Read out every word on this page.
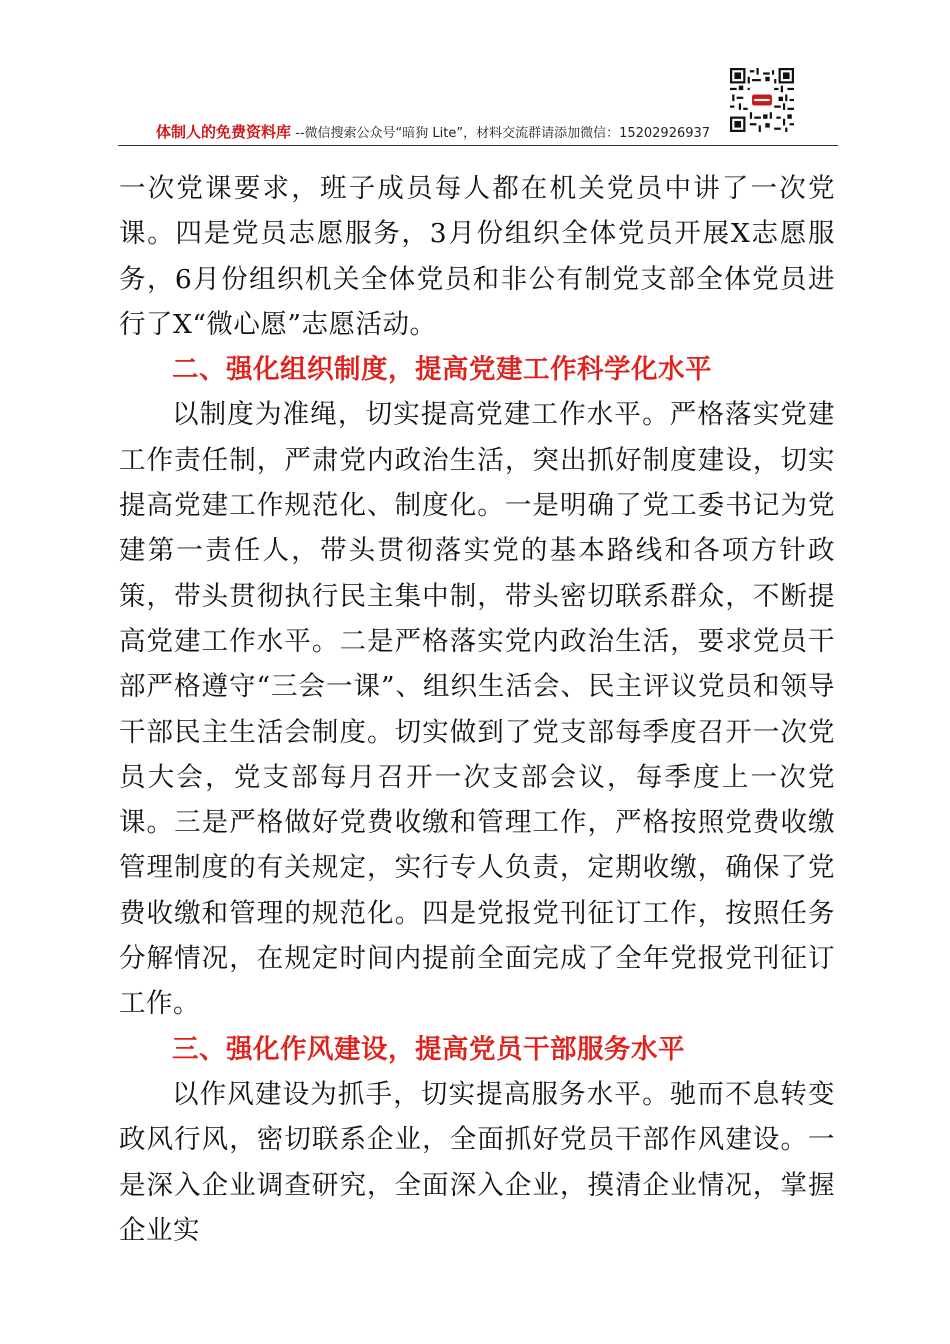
体制人的免费资料库 --微信搜索公众号“暗狗 Lite”，材料交流群请添加微信：15202926937

一次党课要求，班子成员每人都在机关党员中讲了一次党课。四是党员志愿服务，3月份组织全体党员开展X志愿服务，6月份组织机关全体党员和非公有制党支部全体党员进行了X“微心愿”志愿活动。

二、强化组织制度，提高党建工作科学化水平

以制度为准绳，切实提高党建工作水平。严格落实党建工作责任制，严肃党内政治生活，突出抓好制度建设，切实提高党建工作规范化、制度化。一是明确了党工委书记为党建第一责任人，带头贯彻落实党的基本路线和各项方针政策，带头贯彻执行民主集中制，带头密切联系群众，不断提高党建工作水平。二是严格落实党内政治生活，要求党员干部严格遵守“三会一课”、组织生活会、民主评议党员和领导干部民主生活会制度。切实做到了党支部每季度召开一次党员大会，党支部每月召开一次支部会议，每季度上一次党课。三是严格做好党费收缴和管理工作，严格按照党费收缴管理制度的有关规定，实行专人负责，定期收缴，确保了党费收缴和管理的规范化。四是党报党刊征订工作，按照任务分解情况，在规定时间内提前全面完成了全年党报党刊征订工作。

三、强化作风建设，提高党员干部服务水平

以作风建设为抓手，切实提高服务水平。驰而不息转变政风行风，密切联系企业，全面抓好党员干部作风建设。一是深入企业调查研究，全面深入企业，摸清企业情况，掌握企业实
